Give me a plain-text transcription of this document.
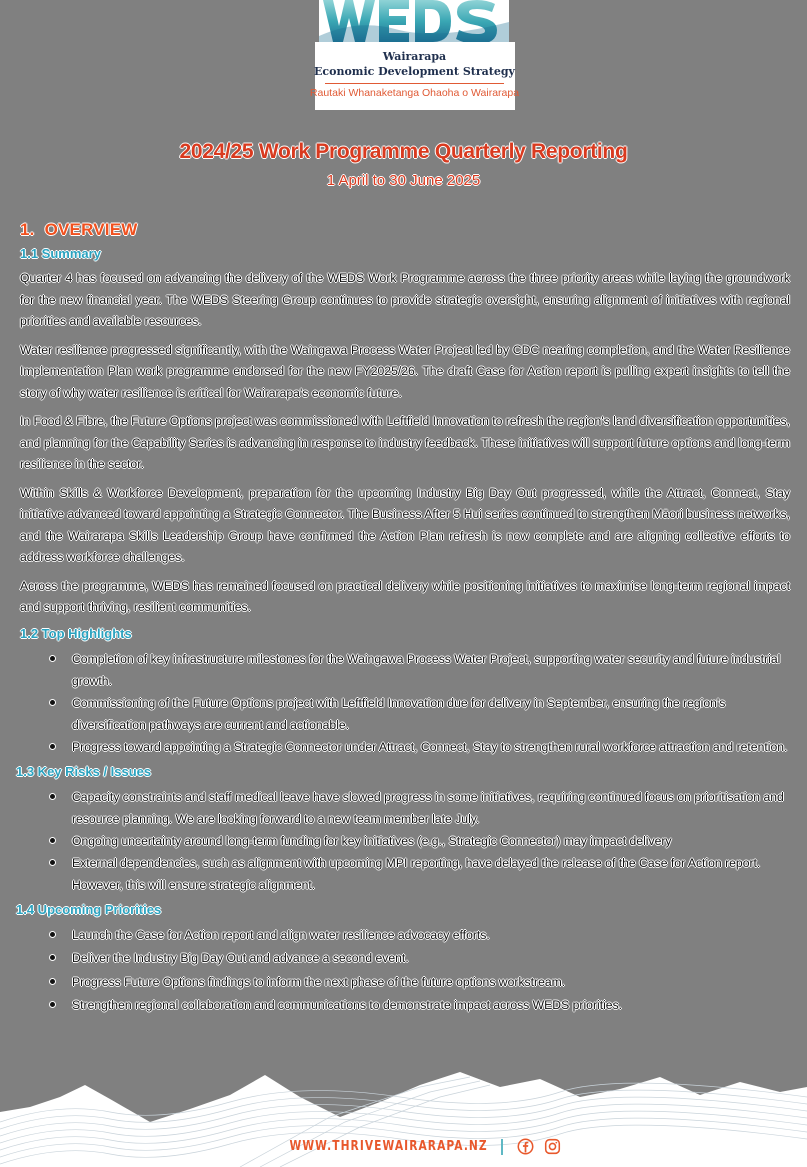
Wairarapa
Economic Development Strategy
Rautaki Whanaketanga Ohaoha o Wairarapa
2024/25 Work Programme Quarterly Reporting
1 April to 30 June 2025
1. OVERVIEW
1.1 Summary

Quarter 4 has focused on advancing the delivery of the WEDS Work Programme across the three priority areas while laying the groundwork for the new financial year. The WEDS Steering Group continues to provide strategic oversight, ensuring alignment of initiatives with regional priorities and available resources.

Water resilience progressed significantly, with the Waingawa Process Water Project led by CDC nearing completion, and the Water Resilience Implementation Plan work programme endorsed for the new FY2025/26. The draft Case for Action report is pulling expert insights to tell the story of why water resilience is critical for Wairarapa's economic future.

In Food & Fibre, the Future Options project was commissioned with Leftfield Innovation to refresh the region's land diversification opportunities, and planning for the Capability Series is advancing in response to industry feedback. These initiatives will support future options and long-term resilience in the sector.

Within Skills & Workforce Development, preparation for the upcoming Industry Big Day Out progressed, while the Attract, Connect, Stay initiative advanced toward appointing a Strategic Connector. The Business After 5 Hui series continued to strengthen Māori business networks, and the Wairarapa Skills Leadership Group have confirmed the Action Plan refresh is now complete and are aligning collective efforts to address workforce challenges.

Across the programme, WEDS has remained focused on practical delivery while positioning initiatives to maximise long-term regional impact and support thriving, resilient communities.

1.2 Top Highlights
Completion of key infrastructure milestones for the Waingawa Process Water Project, supporting water security and future industrial growth.
Commissioning of the Future Options project with Leftfield Innovation due for delivery in September, ensuring the region's diversification pathways are current and actionable.
Progress toward appointing a Strategic Connector under Attract, Connect, Stay to strengthen rural workforce attraction and retention.
1.3 Key Risks / Issues
Capacity constraints and staff medical leave have slowed progress in some initiatives, requiring continued focus on prioritisation and resource planning. We are looking forward to a new team member late July.
Ongoing uncertainty around long-term funding for key initiatives (e.g., Strategic Connector) may impact delivery
External dependencies, such as alignment with upcoming MPI reporting, have delayed the release of the Case for Action report. However, this will ensure strategic alignment.
1.4 Upcoming Priorities
Launch the Case for Action report and align water resilience advocacy efforts.
Deliver the Industry Big Day Out and advance a second event.
Progress Future Options findings to inform the next phase of the future options workstream.
Strengthen regional collaboration and communications to demonstrate impact across WEDS priorities.
WWW.THRIVEWAIRARAPA.NZ
